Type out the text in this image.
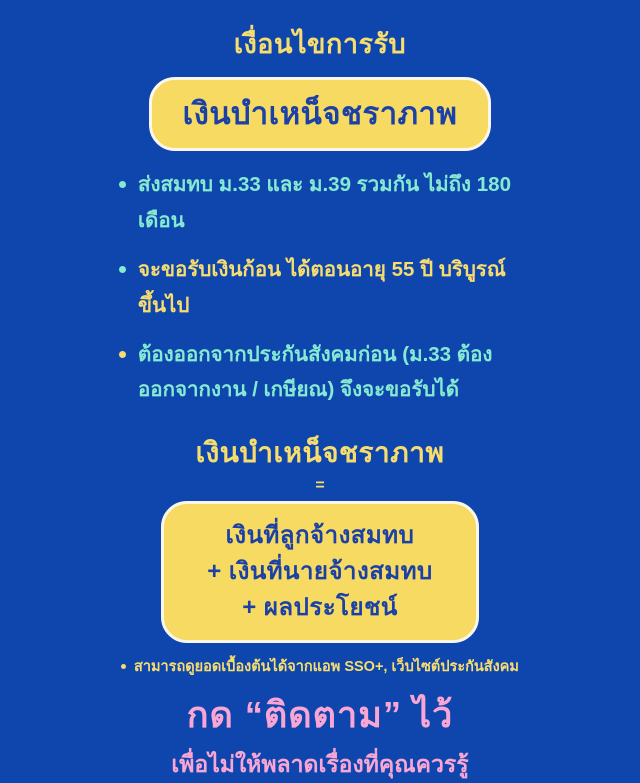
เงื่อนไขการรับ
เงินบำเหน็จชราภาพ
ส่งสมทบ ม.33 และ ม.39 รวมกัน ไม่ถึง 180 เดือน
จะขอรับเงินก้อน ได้ตอนอายุ 55 ปี บริบูรณ์ขึ้นไป
ต้องออกจากประกันสังคมก่อน (ม.33 ต้องออกจากงาน / เกษียณ) จึงจะขอรับได้
เงินบำเหน็จชราภาพ
=
เงินที่ลูกจ้างสมทบ
+ เงินที่นายจ้างสมทบ
+ ผลประโยชน์
สามารถดูยอดเบื้องต้นได้จากแอพ SSO+, เว็บไซต์ประกันสังคม
กด “ติดตาม” ไว้
เพื่อไม่ให้พลาดเรื่องที่คุณควรรู้
